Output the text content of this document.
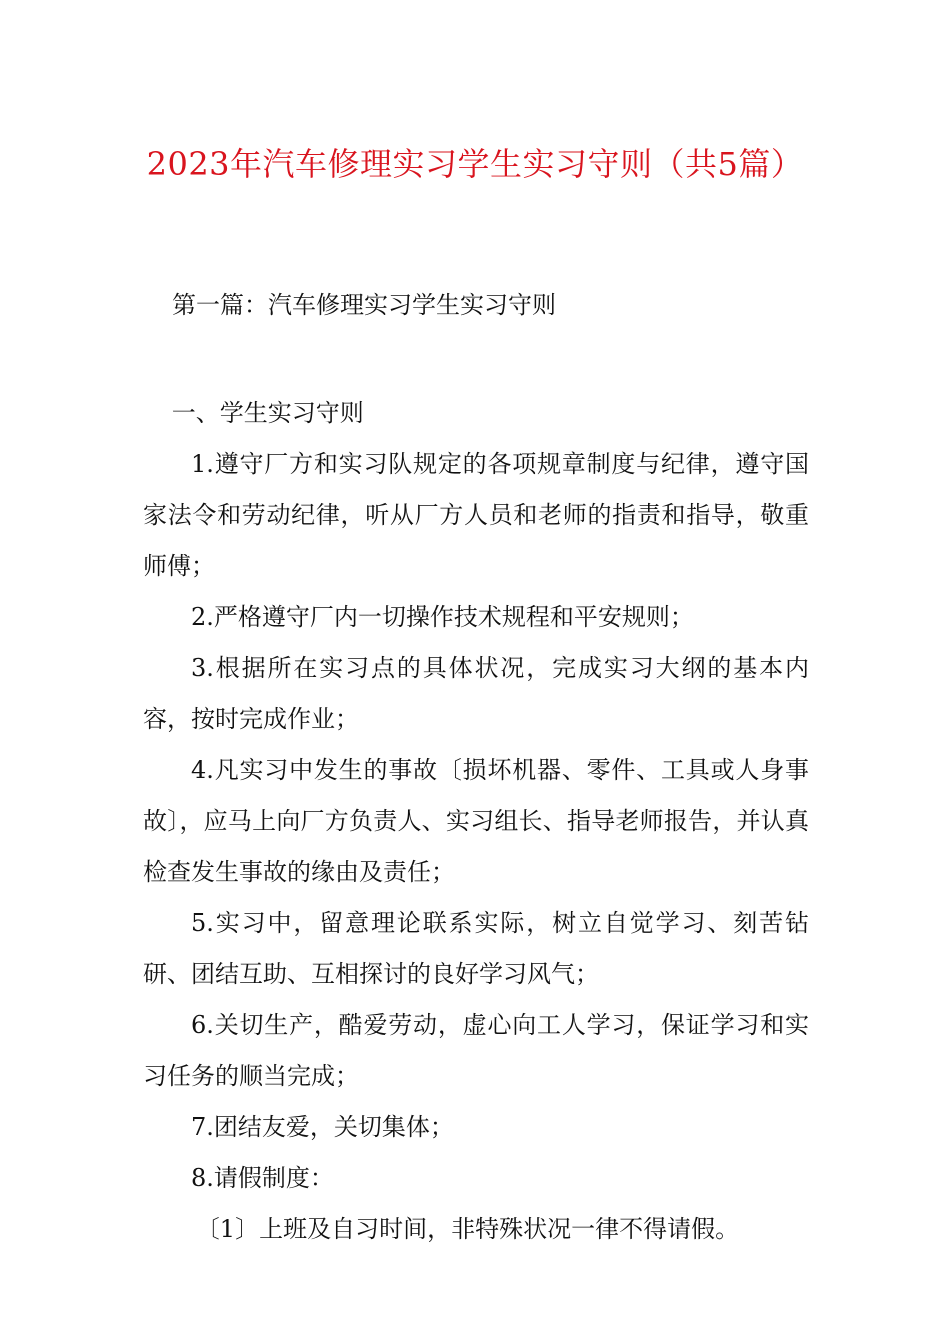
2023年汽车修理实习学生实习守则（共5篇）
第一篇：汽车修理实习学生实习守则

一、学生实习守则

1.遵守厂方和实习队规定的各项规章制度与纪律，遵守国家法令和劳动纪律，听从厂方人员和老师的指责和指导，敬重师傅；

2.严格遵守厂内一切操作技术规程和平安规则；

3.根据所在实习点的具体状况，完成实习大纲的基本内容，按时完成作业；

4.凡实习中发生的事故〔损坏机器、零件、工具或人身事故〕，应马上向厂方负责人、实习组长、指导老师报告，并认真检查发生事故的缘由及责任；

5.实习中，留意理论联系实际，树立自觉学习、刻苦钻研、团结互助、互相探讨的良好学习风气；

6.关切生产，酷爱劳动，虚心向工人学习，保证学习和实习任务的顺当完成；

7.团结友爱，关切集体；

8.请假制度：

〔1〕上班及自习时间，非特殊状况一律不得请假。
